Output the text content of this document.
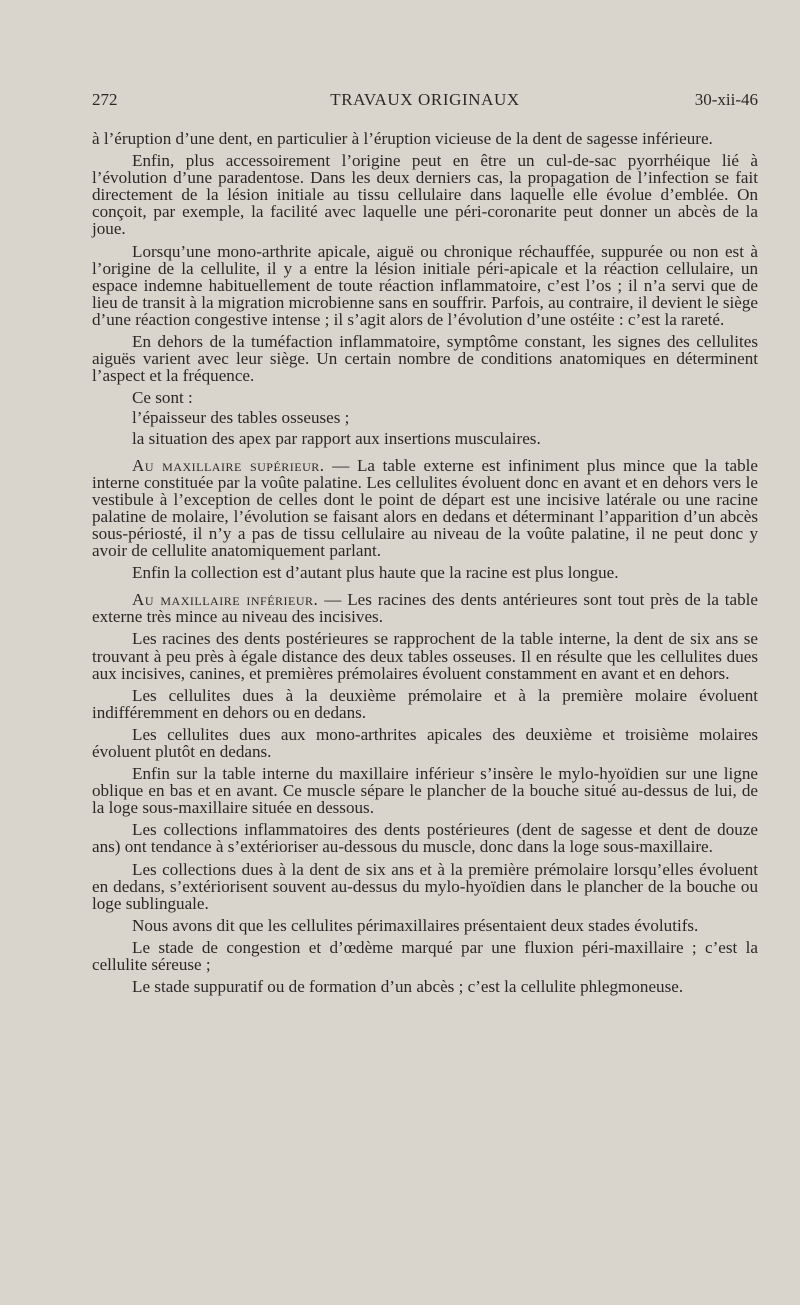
272	TRAVAUX ORIGINAUX	30-xii-46

à l’éruption d’une dent, en particulier à l’éruption vicieuse de la dent de sagesse inférieure.

Enfin, plus accessoirement l’origine peut en être un cul-de-sac pyorrhéique lié à l’évolution d’une paradentose. Dans les deux derniers cas, la propagation de l’infection se fait directement de la lésion initiale au tissu cellulaire dans laquelle elle évolue d’emblée. On conçoit, par exemple, la facilité avec laquelle une péri-coronarite peut donner un abcès de la joue.

Lorsqu’une mono-arthrite apicale, aiguë ou chronique réchauffée, suppurée ou non est à l’origine de la cellulite, il y a entre la lésion initiale péri-apicale et la réaction cellulaire, un espace indemne habituellement de toute réaction inflammatoire, c’est l’os ; il n’a servi que de lieu de transit à la migration microbienne sans en souffrir. Parfois, au contraire, il devient le siège d’une réaction congestive intense ; il s’agit alors de l’évolution d’une ostéite : c’est la rareté.

En dehors de la tuméfaction inflammatoire, symptôme constant, les signes des cellulites aiguës varient avec leur siège. Un certain nombre de conditions anatomiques en déterminent l’aspect et la fréquence.

Ce sont :

l’épaisseur des tables osseuses ;

la situation des apex par rapport aux insertions musculaires.

Au maxillaire supérieur. — La table externe est infiniment plus mince que la table interne constituée par la voûte palatine. Les cellulites évoluent donc en avant et en dehors vers le vestibule à l’exception de celles dont le point de départ est une incisive latérale ou une racine palatine de molaire, l’évolution se faisant alors en dedans et déterminant l’apparition d’un abcès sous-périosté, il n’y a pas de tissu cellulaire au niveau de la voûte palatine, il ne peut donc y avoir de cellulite anatomiquement parlant.

Enfin la collection est d’autant plus haute que la racine est plus longue.

Au maxillaire inférieur. — Les racines des dents antérieures sont tout près de la table externe très mince au niveau des incisives.

Les racines des dents postérieures se rapprochent de la table interne, la dent de six ans se trouvant à peu près à égale distance des deux tables osseuses. Il en résulte que les cellulites dues aux incisives, canines, et premières prémolaires évoluent constamment en avant et en dehors.

Les cellulites dues à la deuxième prémolaire et à la première molaire évoluent indifféremment en dehors ou en dedans.

Les cellulites dues aux mono-arthrites apicales des deuxième et troisième molaires évoluent plutôt en dedans.

Enfin sur la table interne du maxillaire inférieur s’insère le mylo-hyoïdien sur une ligne oblique en bas et en avant. Ce muscle sépare le plancher de la bouche situé au-dessus de lui, de la loge sous-maxillaire située en dessous.

Les collections inflammatoires des dents postérieures (dent de sagesse et dent de douze ans) ont tendance à s’extérioriser au-dessous du muscle, donc dans la loge sous-maxillaire.

Les collections dues à la dent de six ans et à la première prémolaire lorsqu’elles évoluent en dedans, s’extériorisent souvent au-dessus du mylo-hyoïdien dans le plancher de la bouche ou loge sublinguale.

Nous avons dit que les cellulites périmaxillaires présentaient deux stades évolutifs.

Le stade de congestion et d’œdème marqué par une fluxion péri-maxillaire ; c’est la cellulite séreuse ;

Le stade suppuratif ou de formation d’un abcès ; c’est la cellulite phlegmoneuse.
